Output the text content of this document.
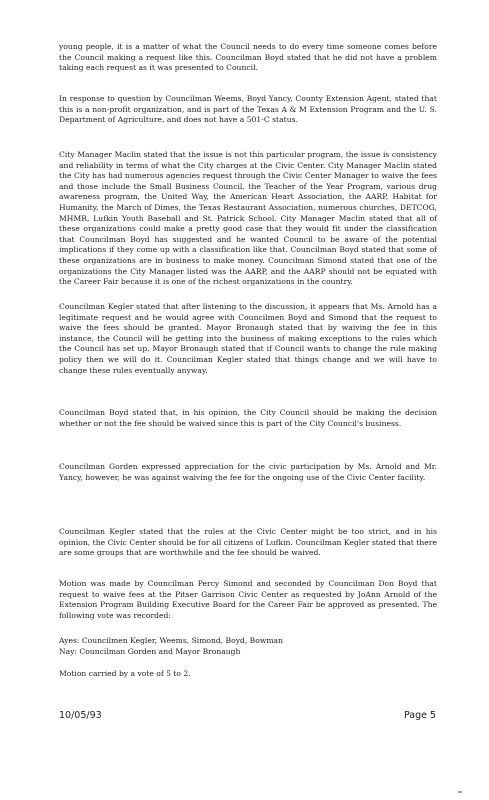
young people, it is a matter of what the Council needs to do every time someone comes before the Council making a request like this. Councilman Boyd stated that he did not have a problem taking each request as it was presented to Council.

In response to question by Councilman Weems, Boyd Yancy, County Extension Agent, stated that this is a non-profit organization, and is part of the Texas A & M Extension Program and the U. S. Department of Agriculture, and does not have a 501-C status.

City Manager Maclin stated that the issue is not this particular program, the issue is consistency and reliability in terms of what the City charges at the Civic Center. City Manager Maclin stated the City has had numerous agencies request through the Civic Center Manager to waive the fees and those include the Small Business Council, the Teacher of the Year Program, various drug awareness program, the United Way, the American Heart Association, the AARP, Habitat for Humanity, the March of Dimes, the Texas Restaurant Association, numerous churches, DETCOG, MHMR, Lufkin Youth Baseball and St. Patrick School. City Manager Maclin stated that all of these organizations could make a pretty good case that they would fit under the classification that Councilman Boyd has suggested and he wanted Council to be aware of the potential implications if they come up with a classification like that. Councilman Boyd stated that some of these organizations are in business to make money. Councilman Simond stated that one of the organizations the City Manager listed was the AARP, and the AARP should not be equated with the Career Fair because it is one of the richest organizations in the country.

Councilman Kegler stated that after listening to the discussion, it appears that Ms. Arnold has a legitimate request and he would agree with Councilmen Boyd and Simond that the request to waive the fees should be granted. Mayor Bronaugh stated that by waiving the fee in this instance, the Council will be getting into the business of making exceptions to the rules which the Council has set up. Mayor Bronaugh stated that if Council wants to change the rule making policy then we will do it. Councilman Kegler stated that things change and we will have to change these rules eventually anyway.

Councilman Boyd stated that, in his opinion, the City Council should be making the decision whether or not the fee should be waived since this is part of the City Council's business.

Councilman Gorden expressed appreciation for the civic participation by Ms. Arnold and Mr. Yancy, however, he was against waiving the fee for the ongoing use of the Civic Center facility.

Councilman Kegler stated that the rules at the Civic Center might be too strict, and in his opinion, the Civic Center should be for all citizens of Lufkin. Councilman Kegler stated that there are some groups that are worthwhile and the fee should be waived.

Motion was made by Councilman Percy Simond and seconded by Councilman Don Boyd that request to waive fees at the Pitser Garrison Civic Center as requested by JoAnn Arnold of the Extension Program Building Executive Board for the Career Fair be approved as presented. The following vote was recorded:

Ayes: Councilmen Kegler, Weems, Simond, Boyd, Bowman

Nay: Councilman Gorden and Mayor Bronaugh

Motion carried by a vote of 5 to 2.

10/05/93	Page 5
